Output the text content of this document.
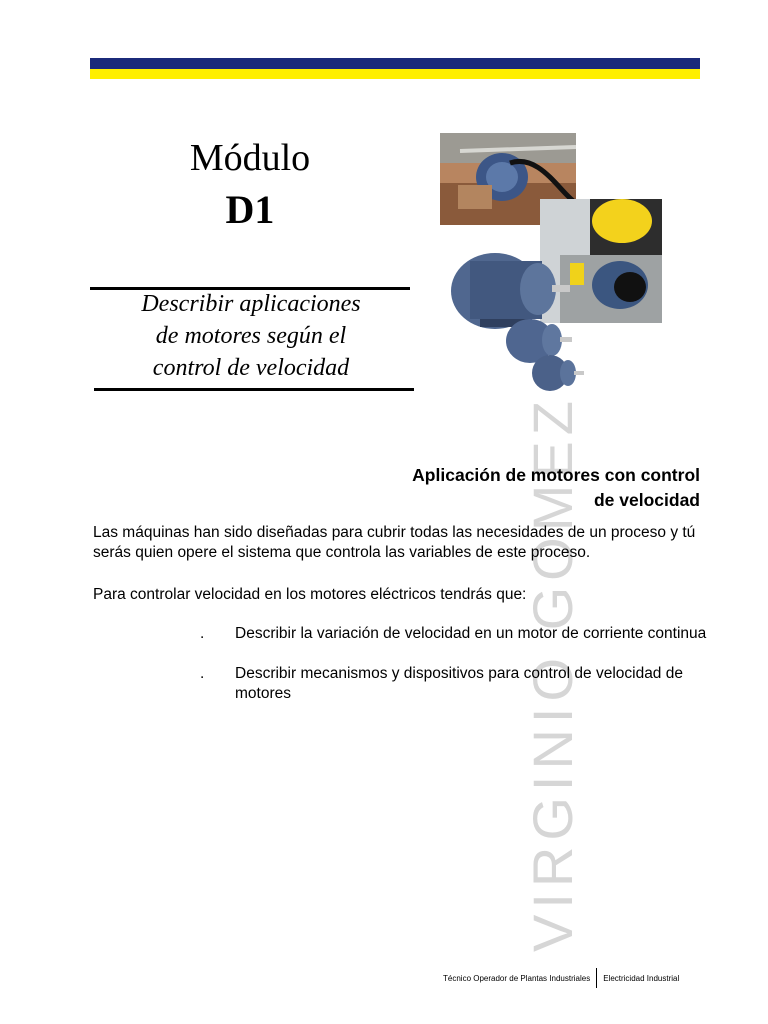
Módulo
D1
Describir aplicaciones
de motores según el
control de velocidad
VIRGINIO GOMEZ
Aplicación de motores con control
de velocidad

Las máquinas han sido diseñadas para cubrir todas las necesidades de un proceso y tú serás quien opere el sistema que controla las variables de este proceso.

Para controlar velocidad en los motores eléctricos tendrás que:

. Describir la variación de velocidad en un motor de corriente continua
. Describir mecanismos y dispositivos para control de velocidad de motores
Técnico Operador de Plantas Industriales Electricidad Industrial
